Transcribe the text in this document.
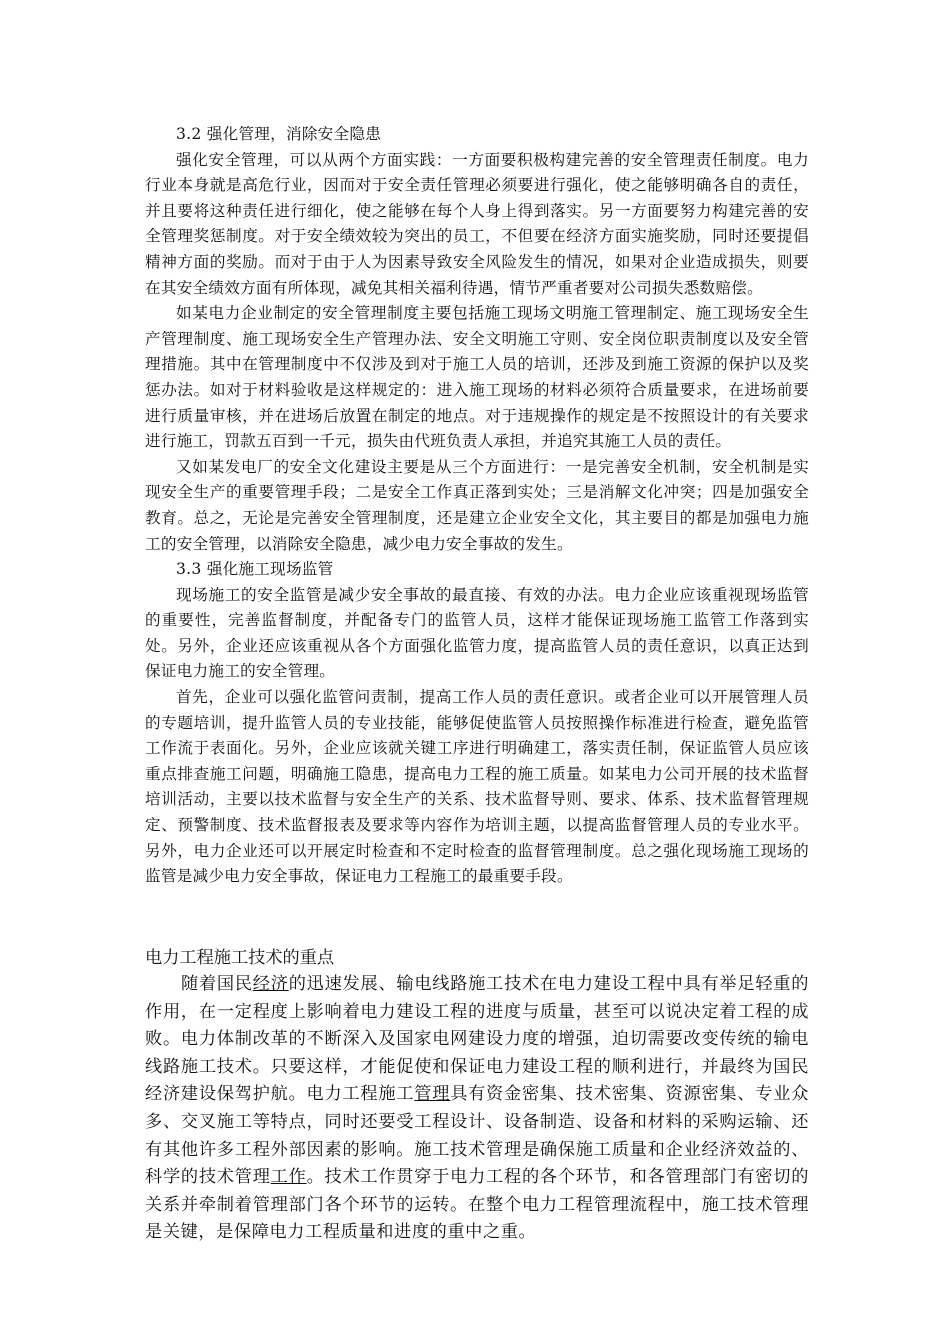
3.2 强化管理，消除安全隐患

强化安全管理，可以从两个方面实践：一方面要积极构建完善的安全管理责任制度。电力行业本身就是高危行业，因而对于安全责任管理必须要进行强化，使之能够明确各自的责任，并且要将这种责任进行细化，使之能够在每个人身上得到落实。另一方面要努力构建完善的安全管理奖惩制度。对于安全绩效较为突出的员工，不但要在经济方面实施奖励，同时还要提倡精神方面的奖励。而对于由于人为因素导致安全风险发生的情况，如果对企业造成损失，则要在其安全绩效方面有所体现，减免其相关福利待遇，情节严重者要对公司损失悉数赔偿。

如某电力企业制定的安全管理制度主要包括施工现场文明施工管理制定、施工现场安全生产管理制度、施工现场安全生产管理办法、安全文明施工守则、安全岗位职责制度以及安全管理措施。其中在管理制度中不仅涉及到对于施工人员的培训，还涉及到施工资源的保护以及奖惩办法。如对于材料验收是这样规定的：进入施工现场的材料必须符合质量要求，在进场前要进行质量审核，并在进场后放置在制定的地点。对于违规操作的规定是不按照设计的有关要求进行施工，罚款五百到一千元，损失由代班负责人承担，并追究其施工人员的责任。

又如某发电厂的安全文化建设主要是从三个方面进行：一是完善安全机制，安全机制是实现安全生产的重要管理手段；二是安全工作真正落到实处；三是消解文化冲突；四是加强安全教育。总之，无论是完善安全管理制度，还是建立企业安全文化，其主要目的都是加强电力施工的安全管理，以消除安全隐患，减少电力安全事故的发生。

3.3 强化施工现场监管

现场施工的安全监管是减少安全事故的最直接、有效的办法。电力企业应该重视现场监管的重要性，完善监督制度，并配备专门的监管人员，这样才能保证现场施工监管工作落到实处。另外，企业还应该重视从各个方面强化监管力度，提高监管人员的责任意识，以真正达到保证电力施工的安全管理。

首先，企业可以强化监管问责制，提高工作人员的责任意识。或者企业可以开展管理人员的专题培训，提升监管人员的专业技能，能够促使监管人员按照操作标准进行检查，避免监管工作流于表面化。另外，企业应该就关键工序进行明确建工，落实责任制，保证监管人员应该重点排查施工问题，明确施工隐患，提高电力工程的施工质量。如某电力公司开展的技术监督培训活动，主要以技术监督与安全生产的关系、技术监督导则、要求、体系、技术监督管理规定、预警制度、技术监督报表及要求等内容作为培训主题，以提高监督管理人员的专业水平。另外，电力企业还可以开展定时检查和不定时检查的监督管理制度。总之强化现场施工现场的监管是减少电力安全事故，保证电力工程施工的最重要手段。

电力工程施工技术的重点

随着国民经济的迅速发展、输电线路施工技术在电力建设工程中具有举足轻重的作用，在一定程度上影响着电力建设工程的进度与质量，甚至可以说决定着工程的成败。电力体制改革的不断深入及国家电网建设力度的增强，迫切需要改变传统的输电线路施工技术。只要这样，才能促使和保证电力建设工程的顺利进行，并最终为国民经济建设保驾护航。电力工程施工管理具有资金密集、技术密集、资源密集、专业众多、交叉施工等特点，同时还要受工程设计、设备制造、设备和材料的采购运输、还有其他许多工程外部因素的影响。施工技术管理是确保施工质量和企业经济效益的、科学的技术管理工作。技术工作贯穿于电力工程的各个环节，和各管理部门有密切的关系并牵制着管理部门各个环节的运转。在整个电力工程管理流程中，施工技术管理是关键，是保障电力工程质量和进度的重中之重。
